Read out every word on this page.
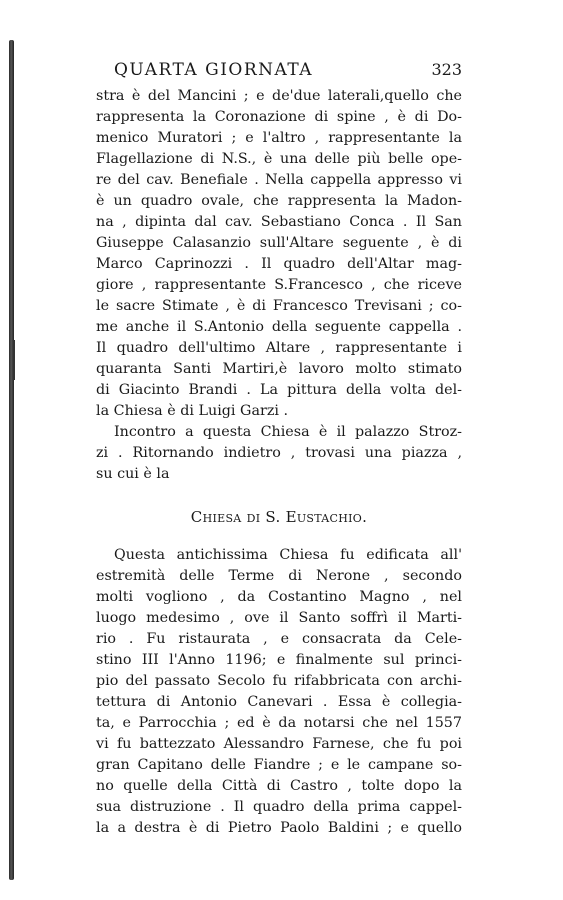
QUARTA GIORNATA	323
stra è del Mancini ; e de'due laterali,quello che
rappresenta la Coronazione di spine , è di Do-
menico Muratori ; e l'altro , rappresentante la
Flagellazione di N.S., è una delle più belle ope-
re del cav. Benefiale . Nella cappella appresso vi
è un quadro ovale, che rappresenta la Madon-
na , dipinta dal cav. Sebastiano Conca . Il San
Giuseppe Calasanzio sull'Altare seguente , è di
Marco Caprinozzi . Il quadro dell'Altar mag-
giore , rappresentante S.Francesco , che riceve
le sacre Stimate , è di Francesco Trevisani ; co-
me anche il S.Antonio della seguente cappella .
Il quadro dell'ultimo Altare , rappresentante i
quaranta Santi Martiri,è lavoro molto stimato
di Giacinto Brandi . La pittura della volta del-
la Chiesa è di Luigi Garzi .
Incontro a questa Chiesa è il palazzo Stroz-
zi . Ritornando indietro , trovasi una piazza ,
su cui è la
Chiesa di S. Eustachio.
Questa antichissima Chiesa fu edificata all'
estremità delle Terme di Nerone , secondo
molti vogliono , da Costantino Magno , nel
luogo medesimo , ove il Santo soffrì il Marti-
rio . Fu ristaurata , e consacrata da Cele-
stino III l'Anno 1196; e finalmente sul princi-
pio del passato Secolo fu rifabbricata con archi-
tettura di Antonio Canevari . Essa è collegia-
ta, e Parrocchia ; ed è da notarsi che nel 1557
vi fu battezzato Alessandro Farnese, che fu poi
gran Capitano delle Fiandre ; e le campane so-
no quelle della Città di Castro , tolte dopo la
sua distruzione . Il quadro della prima cappel-
la a destra è di Pietro Paolo Baldini ; e quello
